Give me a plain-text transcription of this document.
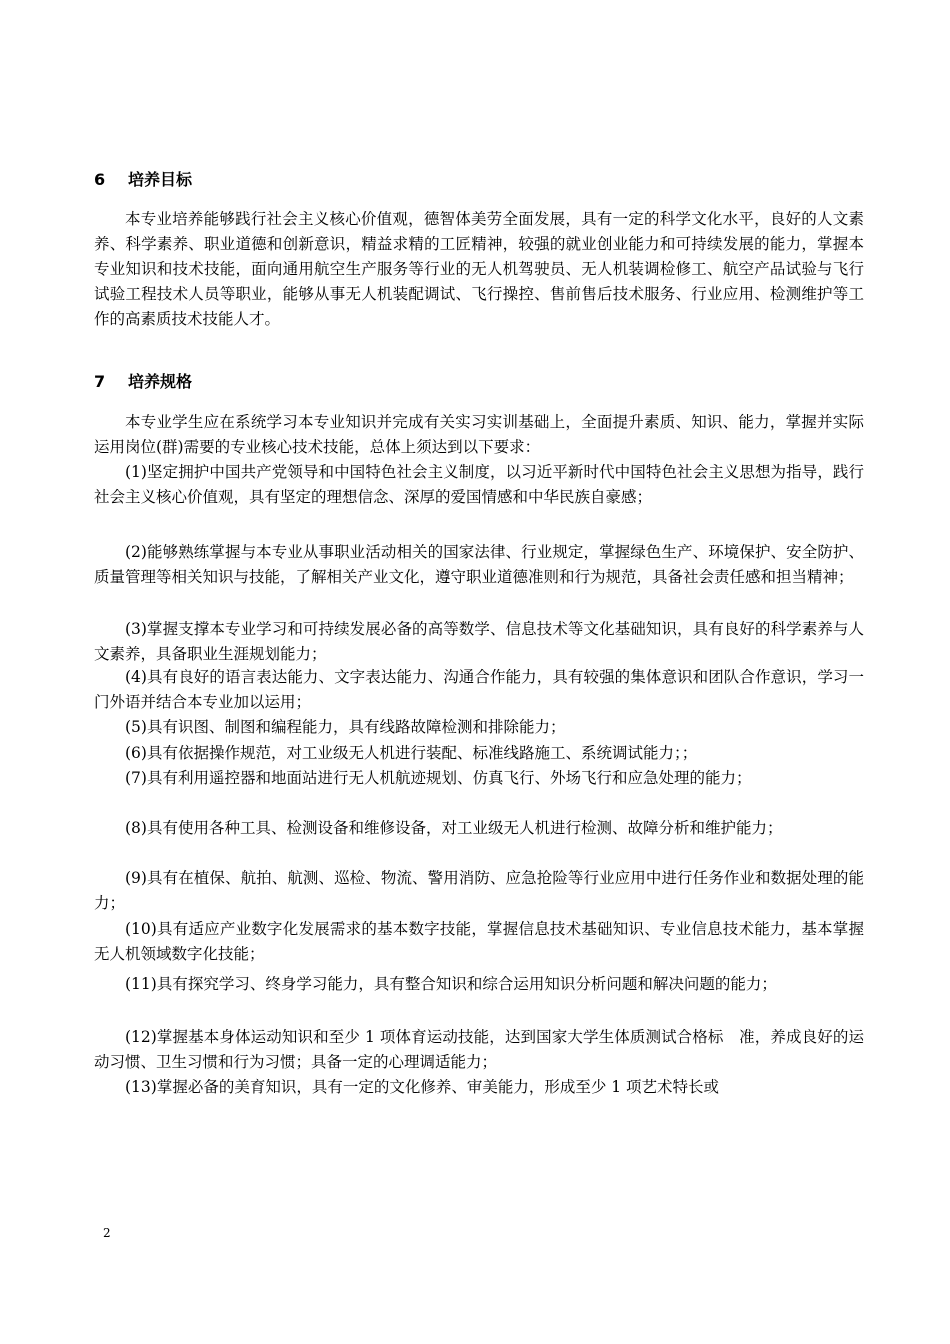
6 培养目标

本专业培养能够践行社会主义核心价值观，德智体美劳全面发展，具有一定的科学文化水平，良好的人文素养、科学素养、职业道德和创新意识，精益求精的工匠精神，较强的就业创业能力和可持续发展的能力，掌握本专业知识和技术技能，面向通用航空生产服务等行业的无人机驾驶员、无人机装调检修工、航空产品试验与飞行试验工程技术人员等职业，能够从事无人机装配调试、飞行操控、售前售后技术服务、行业应用、检测维护等工作的高素质技术技能人才。

7 培养规格

本专业学生应在系统学习本专业知识并完成有关实习实训基础上，全面提升素质、知识、能力，掌握并实际运用岗位(群)需要的专业核心技术技能，总体上须达到以下要求：

(1)坚定拥护中国共产党领导和中国特色社会主义制度，以习近平新时代中国特色社会主义思想为指导，践行社会主义核心价值观，具有坚定的理想信念、深厚的爱国情感和中华民族自豪感；

(2)能够熟练掌握与本专业从事职业活动相关的国家法律、行业规定，掌握绿色生产、环境保护、安全防护、质量管理等相关知识与技能，了解相关产业文化，遵守职业道德准则和行为规范，具备社会责任感和担当精神；

(3)掌握支撑本专业学习和可持续发展必备的高等数学、信息技术等文化基础知识，具有良好的科学素养与人文素养，具备职业生涯规划能力；

(4)具有良好的语言表达能力、文字表达能力、沟通合作能力，具有较强的集体意识和团队合作意识，学习一门外语并结合本专业加以运用；

(5)具有识图、制图和编程能力，具有线路故障检测和排除能力；

(6)具有依据操作规范，对工业级无人机进行装配、标准线路施工、系统调试能力；；

(7)具有利用遥控器和地面站进行无人机航迹规划、仿真飞行、外场飞行和应急处理的能力；

(8)具有使用各种工具、检测设备和维修设备，对工业级无人机进行检测、故障分析和维护能力；

(9)具有在植保、航拍、航测、巡检、物流、警用消防、应急抢险等行业应用中进行任务作业和数据处理的能力；

(10)具有适应产业数字化发展需求的基本数字技能，掌握信息技术基础知识、专业信息技术能力，基本掌握无人机领域数字化技能；

(11)具有探究学习、终身学习能力，具有整合知识和综合运用知识分析问题和解决问题的能力；

(12)掌握基本身体运动知识和至少 1 项体育运动技能，达到国家大学生体质测试合格标　准，养成良好的运动习惯、卫生习惯和行为习惯；具备一定的心理调适能力；

(13)掌握必备的美育知识，具有一定的文化修养、审美能力，形成至少 1 项艺术特长或

2
